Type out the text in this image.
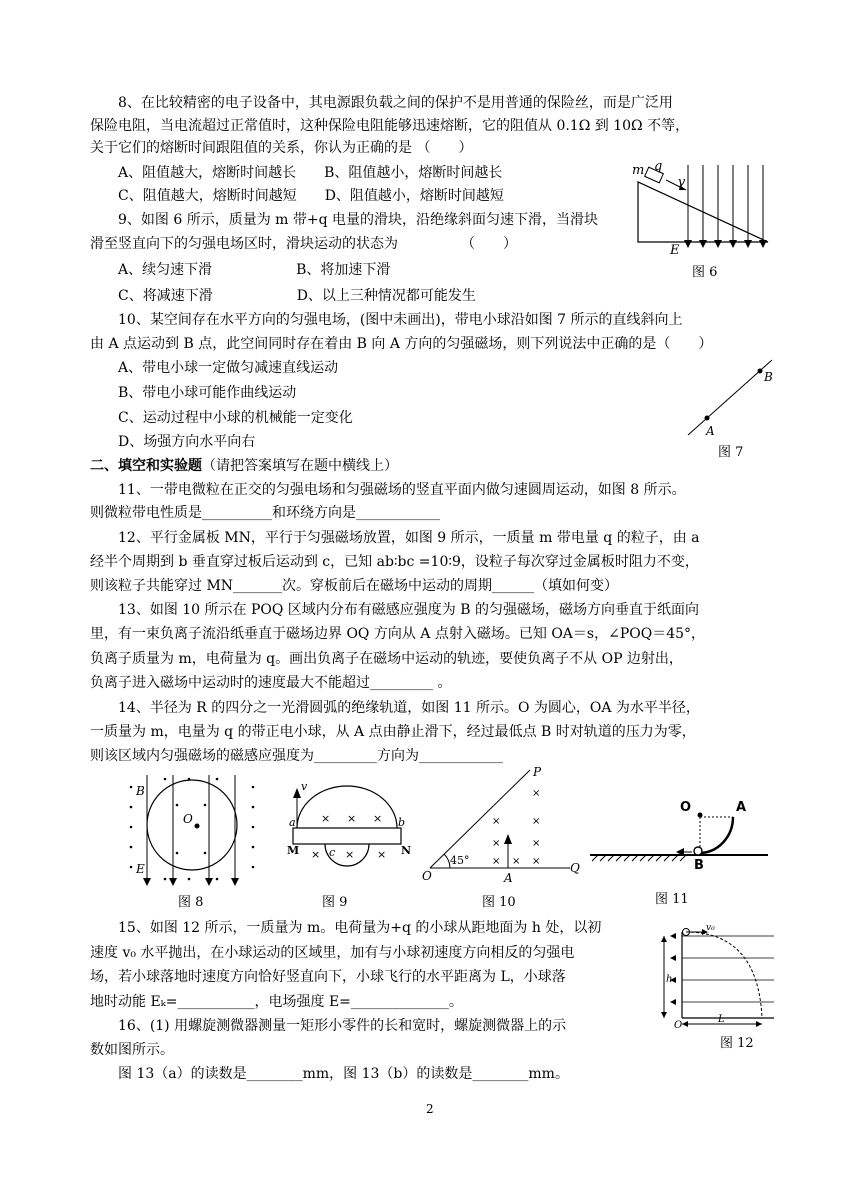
8、在比较精密的电子设备中，其电源跟负载之间的保护不是用普通的保险丝，而是广泛用
保险电阻，当电流超过正常值时，这种保险电阻能够迅速熔断，它的阻值从 0.1Ω 到 10Ω 不等，
关于它们的熔断时间跟阻值的关系，你认为正确的是 （　　）
A、阻值越大，熔断时间越长　　B、阻值越小，熔断时间越长
C、阻值越大，熔断时间越短　　D、阻值越小，熔断时间越短
9、如图 6 所示，质量为 m 带+q 电量的滑块，沿绝缘斜面匀速下滑，当滑块
滑至竖直向下的匀强电场区时，滑块运动的状态为　　　　　（　　）
A、续匀速下滑　　　　　　B、将加速下滑
C、将减速下滑　　　　　　D、以上三种情况都可能发生
m q
v
E
图 6
10、某空间存在水平方向的匀强电场，(图中未画出)，带电小球沿如图 7 所示的直线斜向上
由 A 点运动到 B 点，此空间同时存在着由 B 向 A 方向的匀强磁场，则下列说法中正确的是（　　）
A、带电小球一定做匀减速直线运动
B、带电小球可能作曲线运动
C、运动过程中小球的机械能一定变化
D、场强方向水平向右
A
B
图 7
二、填空和实验题（请把答案填写在题中横线上）
11、一带电微粒在正交的匀强电场和匀强磁场的竖直平面内做匀速圆周运动，如图 8 所示。
则微粒带电性质是__________和环绕方向是____________
12、平行金属板 MN，平行于匀强磁场放置，如图 9 所示，一质量 m 带电量 q 的粒子，由 a
经半个周期到 b 垂直穿过板后运动到 c，已知 ab∶bc =10∶9，设粒子每次穿过金属板时阻力不变，
则该粒子共能穿过 MN_______次。穿板前后在磁场中运动的周期______（填如何变）
13、如图 10 所示在 POQ 区域内分布有磁感应强度为 B 的匀强磁场，磁场方向垂直于纸面向
里，有一束负离子流沿纸垂直于磁场边界 OQ 方向从 A 点射入磁场。已知 OA＝s，∠POQ＝45°，
负离子质量为 m，电荷量为 q。画出负离子在磁场中运动的轨迹，要使负离子不从 OP 边射出，
负离子进入磁场中运动时的速度最大不能超过_________ 。
14、半径为 R 的四分之一光滑圆弧的绝缘轨道，如图 11 所示。O 为圆心，OA 为水平半径，
一质量为 m，电量为 q 的带正电小球，从 A 点由静止滑下，经过最低点 B 时对轨道的压力为零，
则该区域内匀强磁场的磁感应强度为_________方向为____________
B
O
E
图 8
× × ×
× × ×
v
a	b
M	N
c
图 9
×
×	×
×	×
× × ×
P
O
Q
A
45°
图 10
O	A
B
图 11
15、如图 12 所示，一质量为 m。电荷量为+q 的小球从距地面为 h 处，以初
速度 v₀ 水平抛出，在小球运动的区域里，加有与小球初速度方向相反的匀强电
场，若小球落地时速度方向恰好竖直向下，小球飞行的水平距离为 L，小球落
地时动能 Eₖ=___________，电场强度 E=______________。
v₀
h
O
L
图 12
16、(1) 用螺旋测微器测量一矩形小零件的长和宽时，螺旋测微器上的示
数如图所示。
图 13（a）的读数是________mm，图 13（b）的读数是________mm。
2
